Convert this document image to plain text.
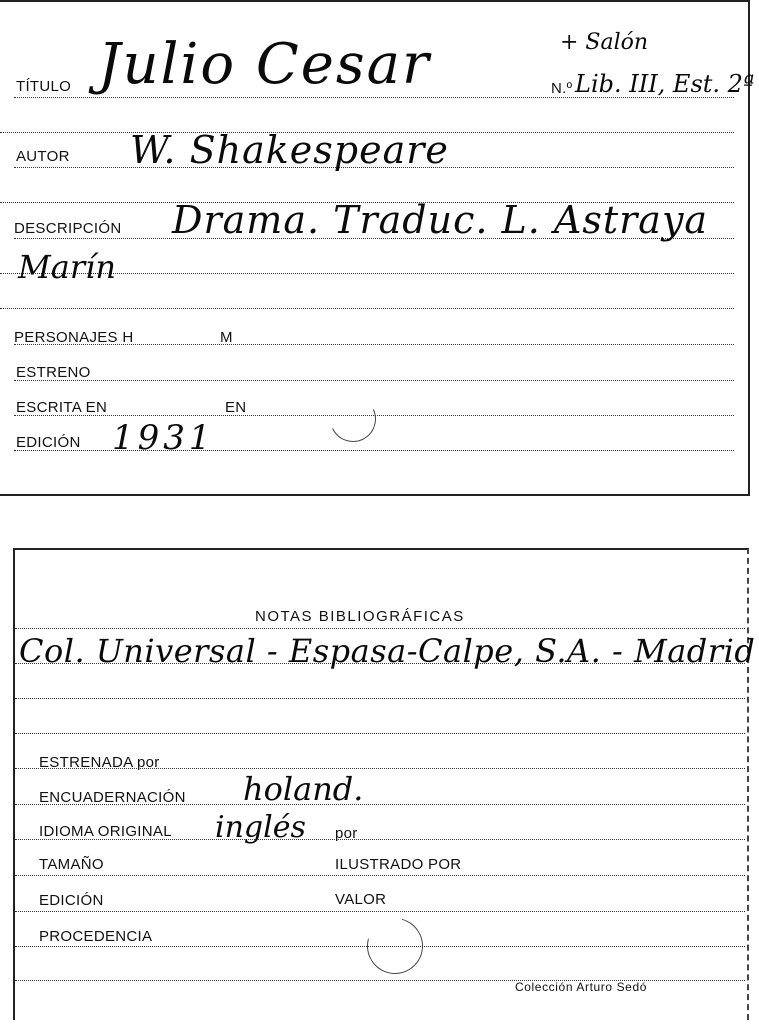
TÍTULO Julio Cesar	N.º
+ Salón
Lib. III, Est. 2ª
AUTOR W. Shakespeare
DESCRIPCIÓN Drama. Traduc. L. Astraya
Marín
PERSONAJES H	M
ESTRENO
ESCRITA EN	EN
EDICIÓN 1931
NOTAS BIBLIOGRÁFICAS
Col. Universal - Espasa-Calpe, S.A. - Madrid
ESTRENADA por
ENCUADERNACIÓN holand.
IDIOMA ORIGINAL inglés por
TAMAÑO	ILUSTRADO POR
EDICIÓN	VALOR
PROCEDENCIA
Colección Arturo Sedó
